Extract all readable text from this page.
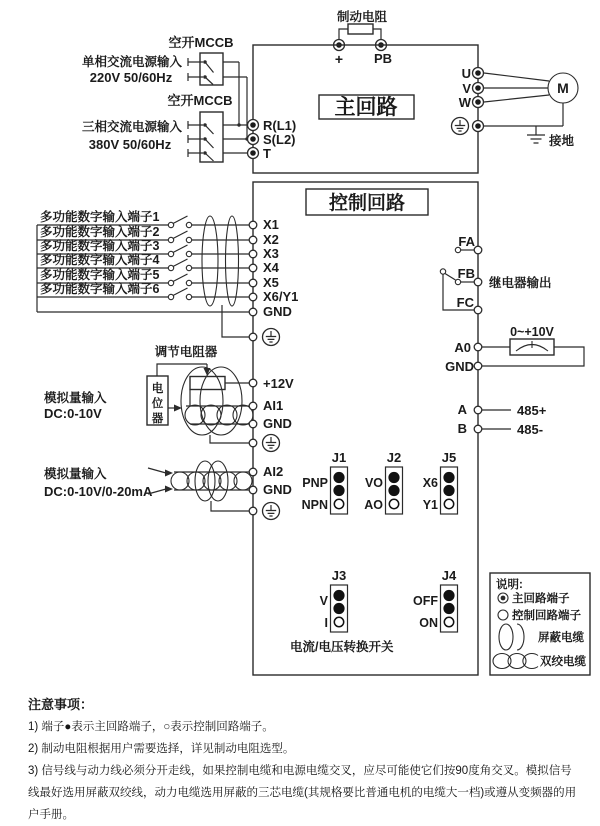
制动电阻
+ PB
空开MCCB
单相交流电源输入
220V 50/60Hz
空开MCCB
三相交流电源输入
380V 50/60Hz
主回路
R(L1)
S(L2)
T
U
V
W
M
接地
控制回路
多功能数字输入端子1
多功能数字输入端子2
多功能数字输入端子3
多功能数字输入端子4
多功能数字输入端子5
多功能数字输入端子6
X1
X2
X3
X4
X5
X6/Y1
GND
调节电阻器
模拟量输入
DC:0-10V
电
位
器
+12V
AI1
GND
模拟量输入
DC:0-10V/0-20mA
AI2
GND
FA
FB
FC
继电器输出
A0
GND
0~+10V
A
B
485+
485-
J1
PNP
NPN
J2
VO
AO
J5
X6
Y1
J3
V
I
J4
OFF
ON
电流/电压转换开关
说明:
主回路端子
控制回路端子
屏蔽电缆
双绞电缆
注意事项：
1) 端子●表示主回路端子，○表示控制回路端子。
2) 制动电阻根据用户需要选择，详见制动电阻选型。
3) 信号线与动力线必须分开走线，如果控制电缆和电源电缆交叉，应尽可能使它们按90度角交叉。模拟信号线最好选用屏蔽双绞线，动力电缆选用屏蔽的三芯电缆(其规格要比普通电机的电缆大一档)或遵从变频器的用户手册。
